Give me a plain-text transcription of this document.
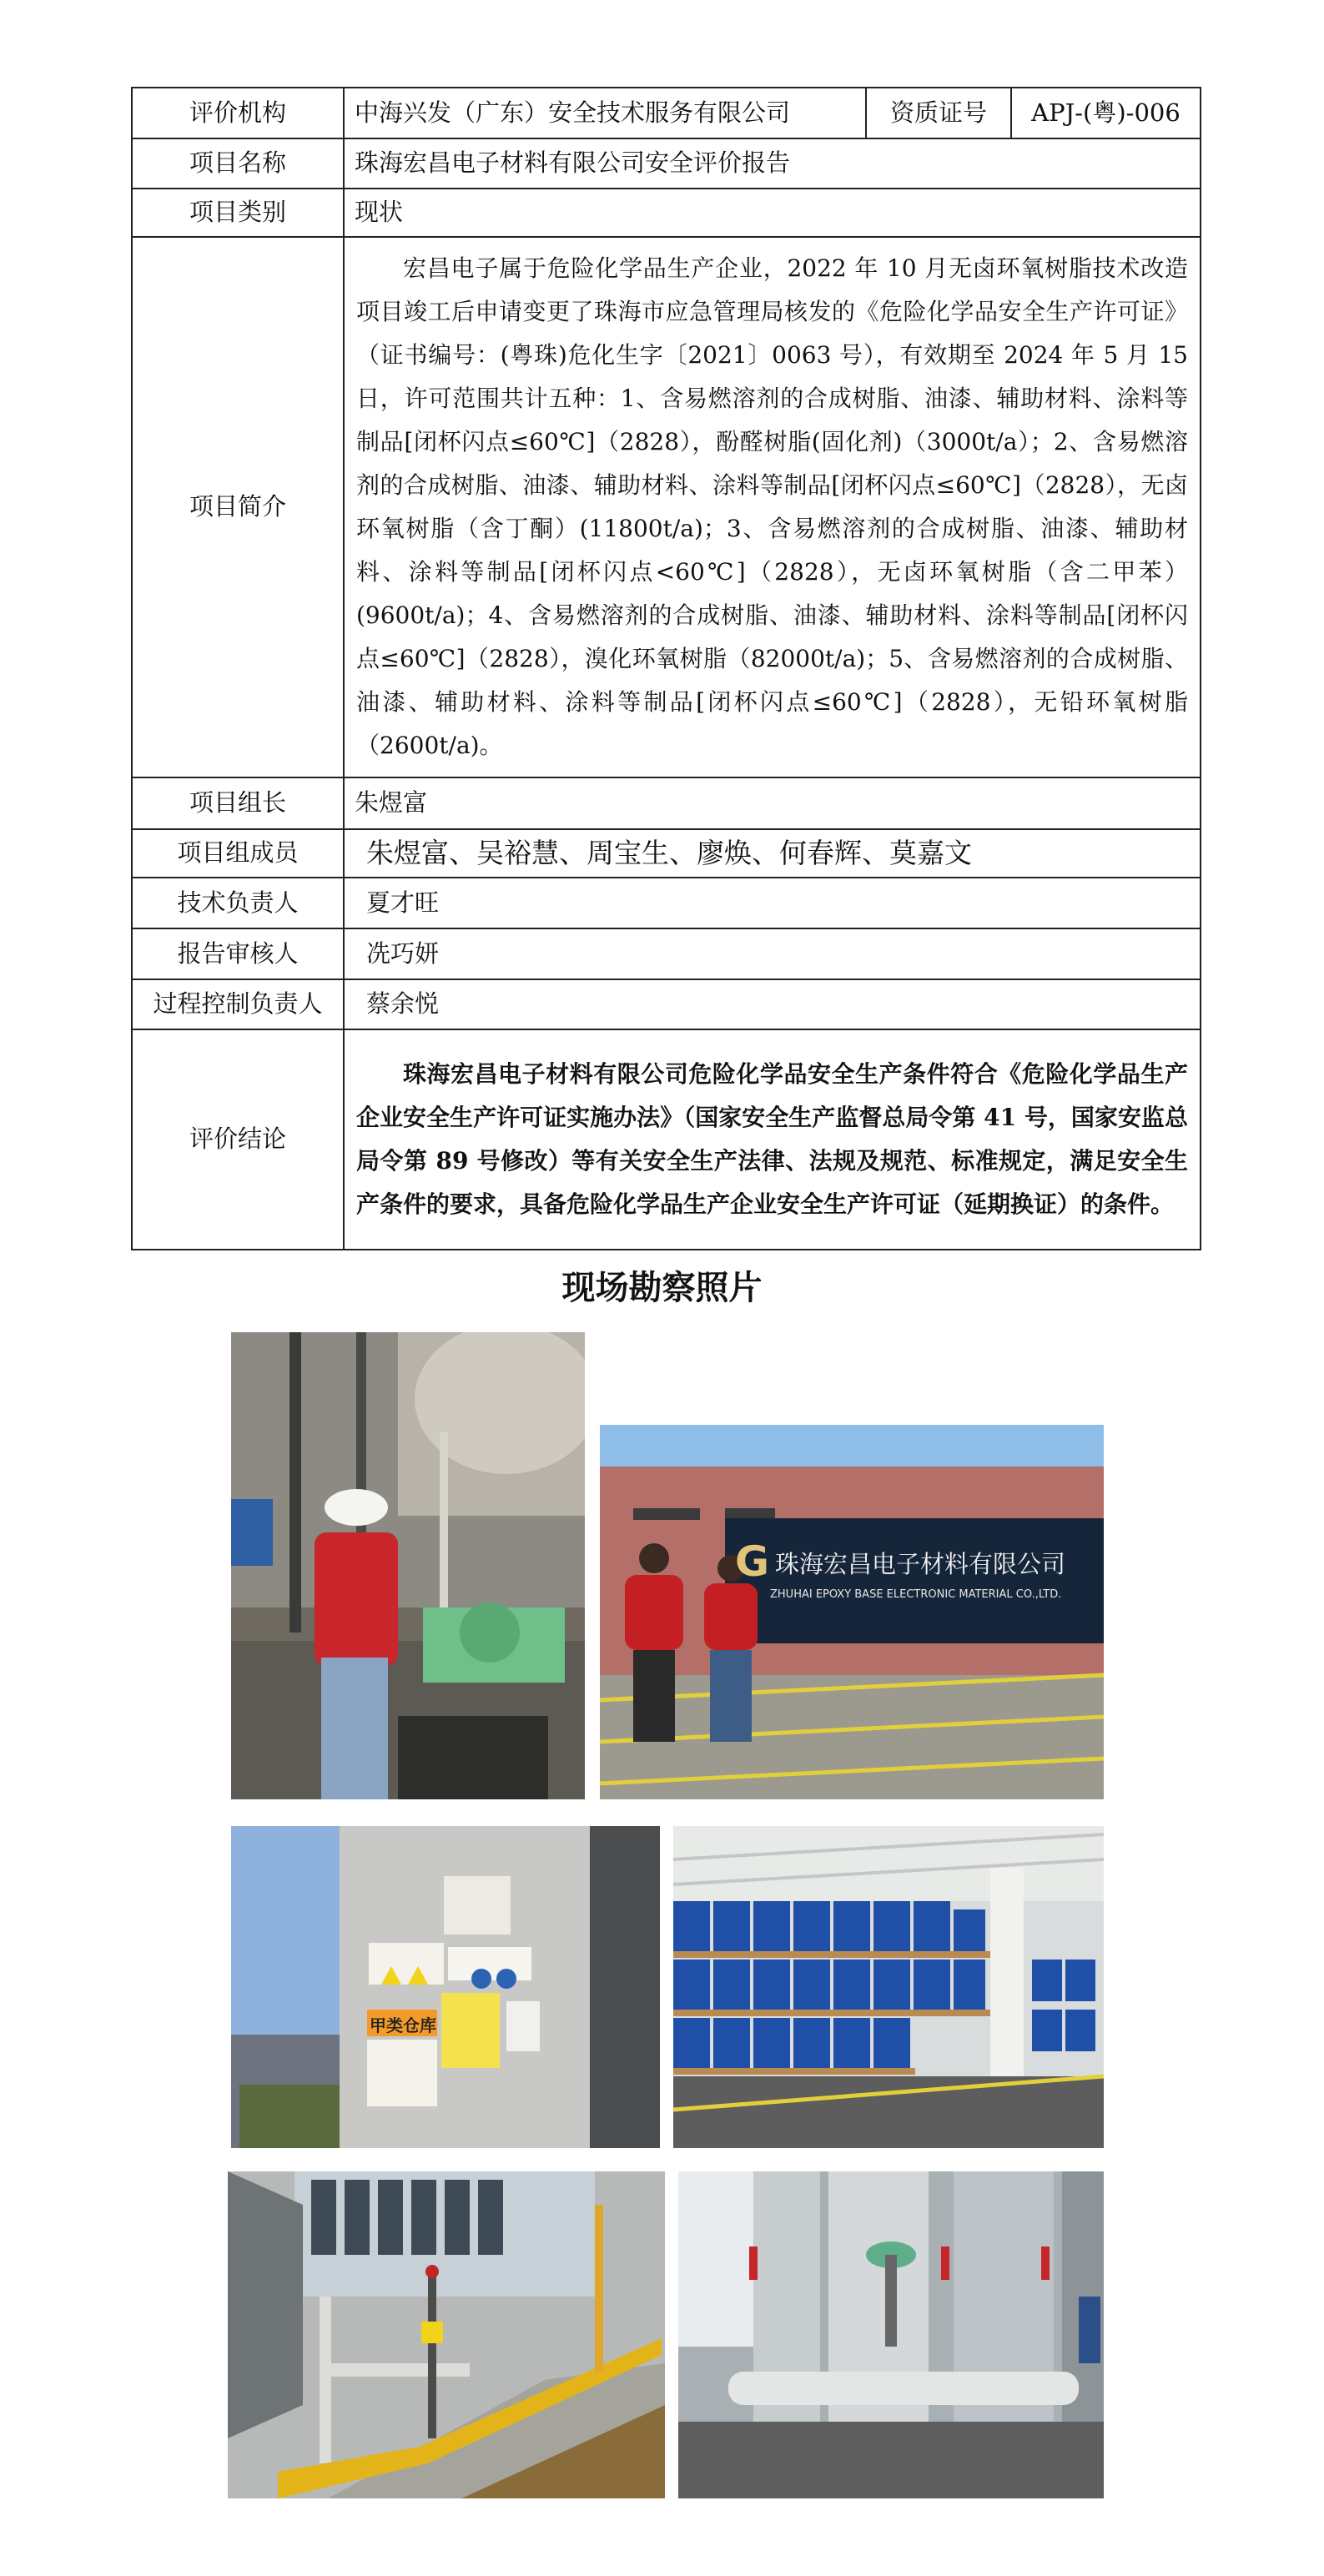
评价机构	中海兴发（广东）安全技术服务有限公司	资质证号	APJ-(粤)-006
项目名称	珠海宏昌电子材料有限公司安全评价报告		
项目类别	现状		
项目简介	宏昌电子属于危险化学品生产企业，2022 年 10 月无卤环氧树脂技术改造项目竣工后申请变更了珠海市应急管理局核发的《危险化学品安全生产许可证》（证书编号：(粤珠)危化生字〔2021〕0063 号），有效期至 2024 年 5 月 15 日，许可范围共计五种：1、含易燃溶剂的合成树脂、油漆、辅助材料、涂料等制品[闭杯闪点≤60℃]（2828），酚醛树脂(固化剂)（3000t/a）；2、含易燃溶剂的合成树脂、油漆、辅助材料、涂料等制品[闭杯闪点≤60℃]（2828），无卤环氧树脂（含丁酮）(11800t/a)；3、含易燃溶剂的合成树脂、油漆、辅助材料、涂料等制品[闭杯闪点<60℃]（2828），无卤环氧树脂（含二甲苯）(9600t/a)；4、含易燃溶剂的合成树脂、油漆、辅助材料、涂料等制品[闭杯闪点≤60℃]（2828），溴化环氧树脂（82000t/a)；5、含易燃溶剂的合成树脂、油漆、辅助材料、涂料等制品[闭杯闪点≤60℃]（2828），无铅环氧树脂（2600t/a)。		
项目组长	朱煜富		
项目组成员	朱煜富、吴裕慧、周宝生、廖焕、何春辉、莫嘉文		
技术负责人	夏才旺		
报告审核人	冼巧妍		
过程控制负责人	蔡余悦		
评价结论	珠海宏昌电子材料有限公司危险化学品安全生产条件符合《危险化学品生产企业安全生产许可证实施办法》（国家安全生产监督总局令第 41 号，国家安监总局令第 89 号修改）等有关安全生产法律、法规及规范、标准规定，满足安全生产条件的要求，具备危险化学品生产企业安全生产许可证（延期换证）的条件。		
现场勘察照片
G 珠海宏昌电子材料有限公司
ZHUHAI EPOXY BASE ELECTRONIC MATERIAL CO.,LTD.
甲类仓库
